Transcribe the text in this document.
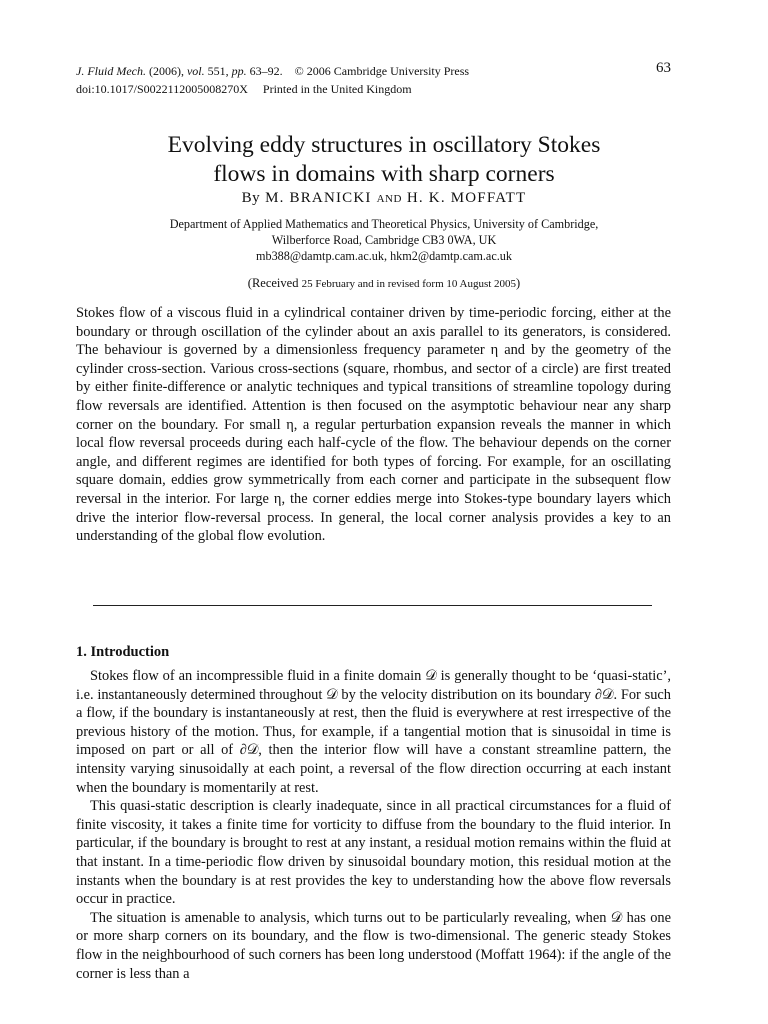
J. Fluid Mech. (2006), vol. 551, pp. 63–92. © 2006 Cambridge University Press
doi:10.1017/S0022112005008270X Printed in the United Kingdom
63
Evolving eddy structures in oscillatory Stokes
flows in domains with sharp corners
By M. BRANICKI AND H. K. MOFFATT
Department of Applied Mathematics and Theoretical Physics, University of Cambridge,
Wilberforce Road, Cambridge CB3 0WA, UK
mb388@damtp.cam.ac.uk, hkm2@damtp.cam.ac.uk
(Received 25 February and in revised form 10 August 2005)

Stokes flow of a viscous fluid in a cylindrical container driven by time-periodic forcing, either at the boundary or through oscillation of the cylinder about an axis parallel to its generators, is considered. The behaviour is governed by a dimensionless frequency parameter η and by the geometry of the cylinder cross-section. Various cross-sections (square, rhombus, and sector of a circle) are first treated by either finite-difference or analytic techniques and typical transitions of streamline topology during flow reversals are identified. Attention is then focused on the asymptotic behaviour near any sharp corner on the boundary. For small η, a regular perturbation expansion reveals the manner in which local flow reversal proceeds during each half-cycle of the flow. The behaviour depends on the corner angle, and different regimes are identified for both types of forcing. For example, for an oscillating square domain, eddies grow symmetrically from each corner and participate in the subsequent flow reversal in the interior. For large η, the corner eddies merge into Stokes-type boundary layers which drive the interior flow-reversal process. In general, the local corner analysis provides a key to an understanding of the global flow evolution.

1. Introduction

Stokes flow of an incompressible fluid in a finite domain 𝒟 is generally thought to be ‘quasi-static’, i.e. instantaneously determined throughout 𝒟 by the velocity distribution on its boundary ∂𝒟. For such a flow, if the boundary is instantaneously at rest, then the fluid is everywhere at rest irrespective of the previous history of the motion. Thus, for example, if a tangential motion that is sinusoidal in time is imposed on part or all of ∂𝒟, then the interior flow will have a constant streamline pattern, the intensity varying sinusoidally at each point, a reversal of the flow direction occurring at each instant when the boundary is momentarily at rest.

This quasi-static description is clearly inadequate, since in all practical circumstances for a fluid of finite viscosity, it takes a finite time for vorticity to diffuse from the boundary to the fluid interior. In particular, if the boundary is brought to rest at any instant, a residual motion remains within the fluid at that instant. In a time-periodic flow driven by sinusoidal boundary motion, this residual motion at the instants when the boundary is at rest provides the key to understanding how the above flow reversals occur in practice.

The situation is amenable to analysis, which turns out to be particularly revealing, when 𝒟 has one or more sharp corners on its boundary, and the flow is two-dimensional. The generic steady Stokes flow in the neighbourhood of such corners has been long understood (Moffatt 1964): if the angle of the corner is less than a
